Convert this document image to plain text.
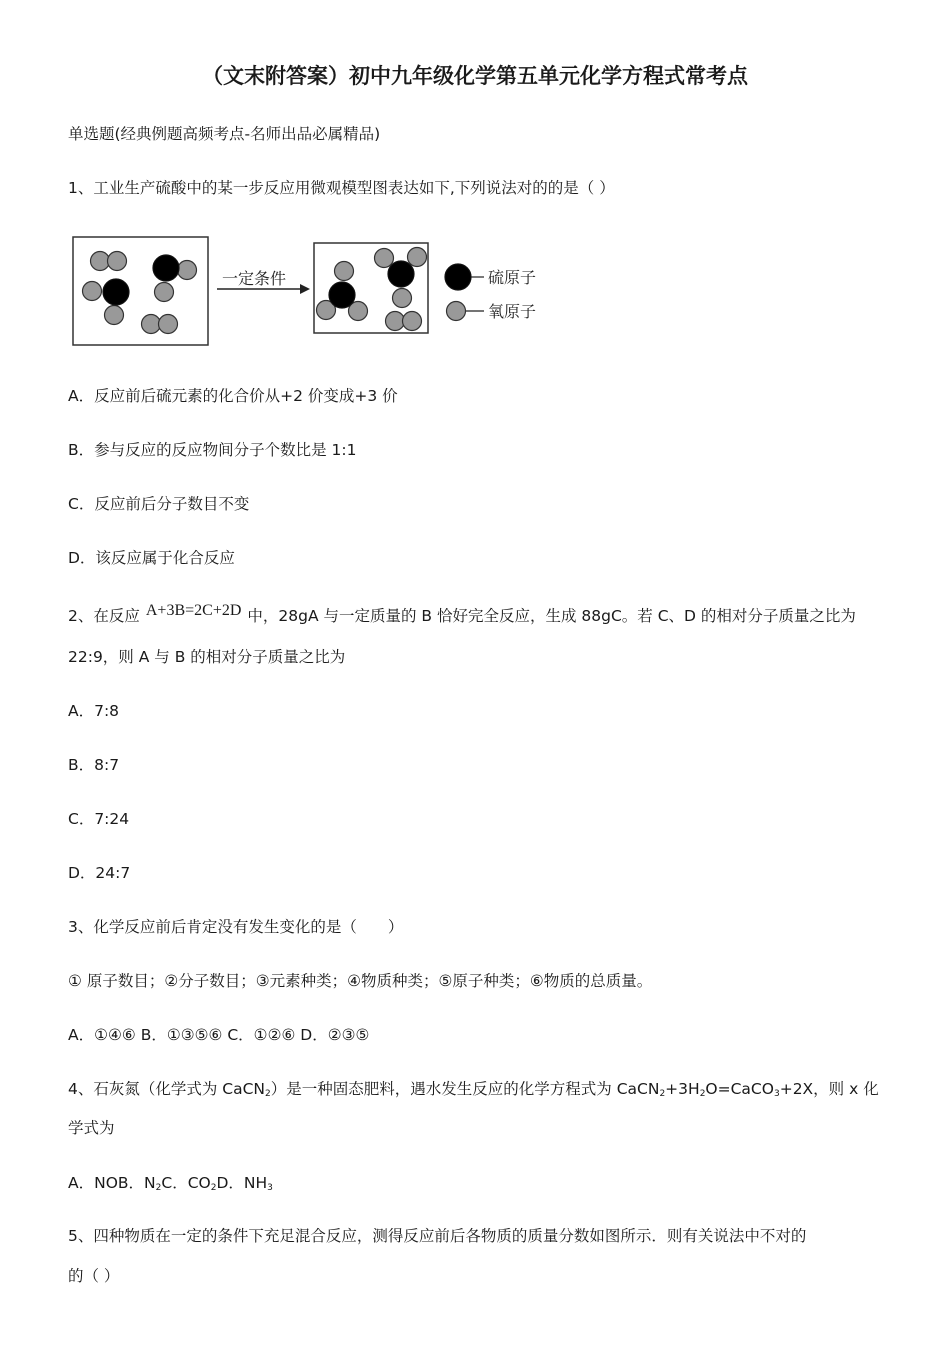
（文末附答案）初中九年级化学第五单元化学方程式常考点
单选题(经典例题高频考点-名师出品必属精品)
1、工业生产硫酸中的某一步反应用微观模型图表达如下,下列说法对的的是（ ）
一定条件	硫原子
氧原子
A．反应前后硫元素的化合价从+2 价变成+3 价
B．参与反应的反应物间分子个数比是 1:1
C．反应前后分子数目不变
D．该反应属于化合反应
2、在反应 A+3B=2C+2D 中，28gA 与一定质量的 B 恰好完全反应，生成 88gC。若 C、D 的相对分子质量之比为
22:9，则 A 与 B 的相对分子质量之比为
A．7:8
B．8:7
C．7:24
D．24:7
3、化学反应前后肯定没有发生变化的是（　　）
① 原子数目；②分子数目；③元素种类；④物质种类；⑤原子种类；⑥物质的总质量。
A．①④⑥ B．①③⑤⑥ C．①②⑥ D．②③⑤
4、石灰氮（化学式为 CaCN$_2$）是一种固态肥料，遇水发生反应的化学方程式为 $CaCN_2+3H_2O=CaCO_3+2X$，则 x 化
学式为
A．NOB．$N_2C$．$CO_2D$．$NH_3$
5、四种物质在一定的条件下充足混合反应，测得反应前后各物质的质量分数如图所示．则有关说法中不对的
的（ ）
